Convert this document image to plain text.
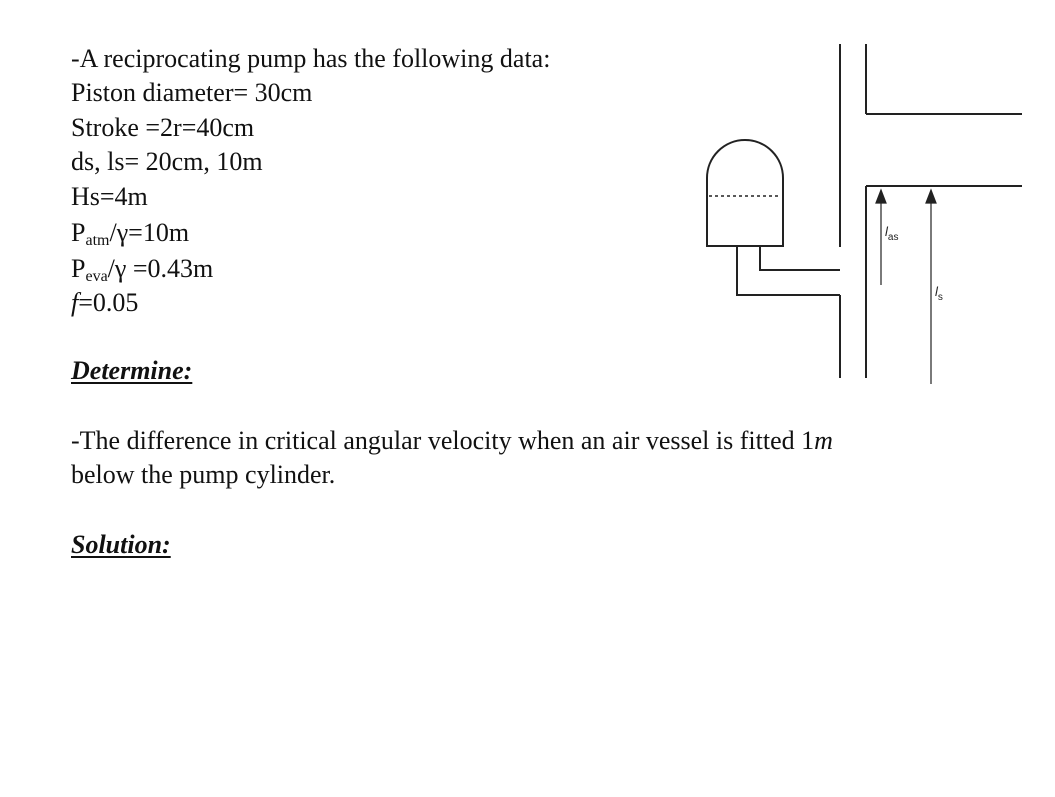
-A reciprocating pump has the following data:
Piston diameter= 30cm
Stroke =2r=40cm
ds, ls= 20cm, 10m
Hs=4m
Patm/γ=10m
Peva/γ =0.43m
f=0.05
Determine:
-The difference in critical angular velocity when an air vessel is fitted 1m
below the pump cylinder.
Solution:
$l_{as}$
$l_s$
